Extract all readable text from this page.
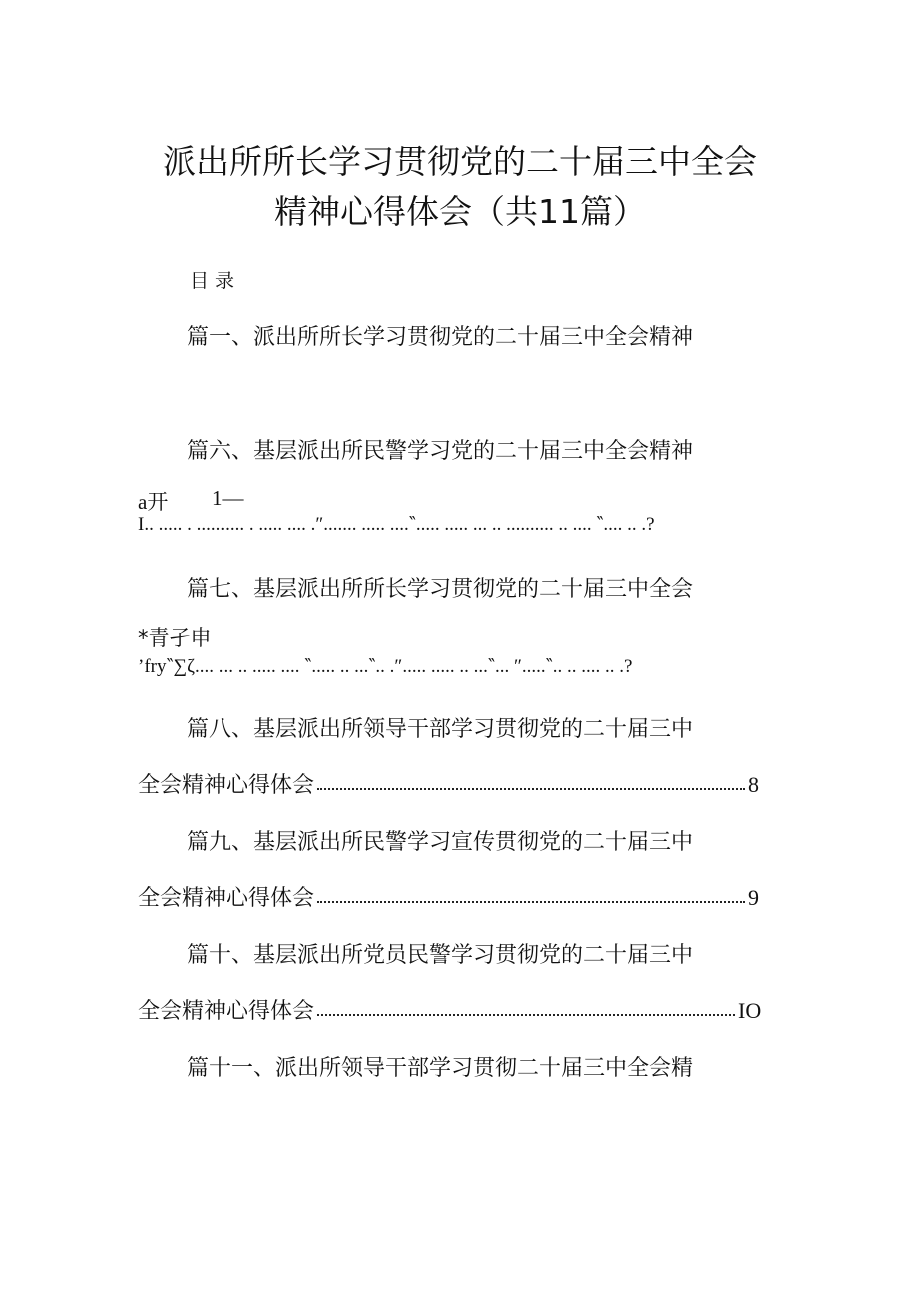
派出所所长学习贯彻党的二十届三中全会
精神心得体会（共11篇）
目录
篇一、派出所所长学习贯彻党的二十届三中全会精神
篇六、基层派出所民警学习党的二十届三中全会精神
a开 1—
I.. ..... . .......... . ..... .... .″....... ..... ....‶..... ..... ... .. .......... .. .... ‶.... .. .?
篇七、基层派出所所长学习贯彻党的二十届三中全会
*青孑申
’fry‶∑ζ.... ... .. ..... .... ‶..... .. ...‶.. .″..... ..... .. ...‶... ″.....‶.. .. .... .. .?
篇八、基层派出所领导干部学习贯彻党的二十届三中
全会精神心得体会	8
篇九、基层派出所民警学习宣传贯彻党的二十届三中
全会精神心得体会	9
篇十、基层派出所党员民警学习贯彻党的二十届三中
全会精神心得体会	IO
篇十一、派出所领导干部学习贯彻二十届三中全会精
